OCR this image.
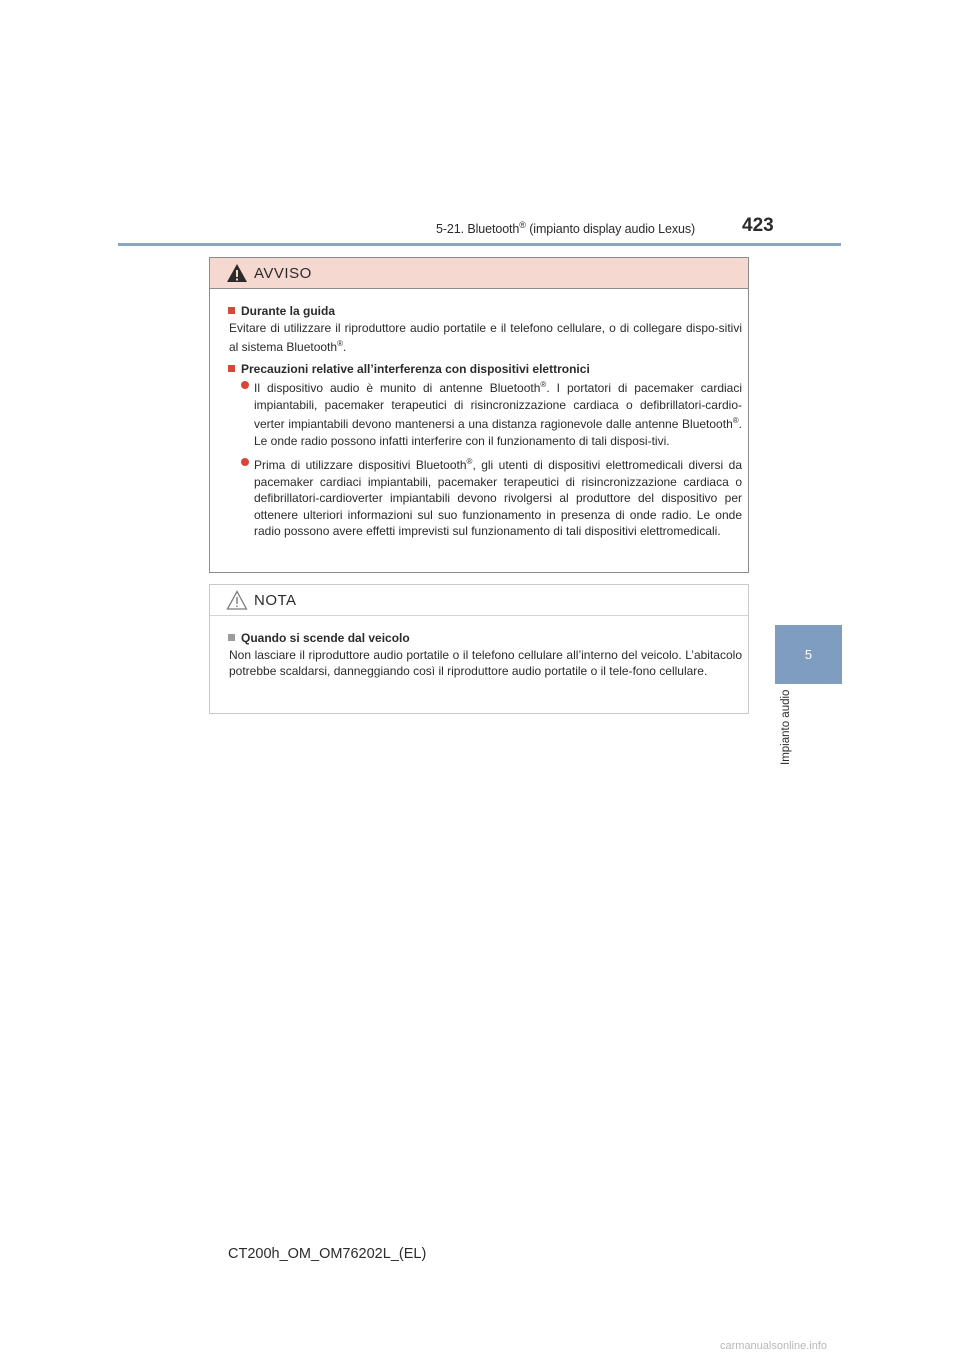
5-21. Bluetooth® (impianto display audio Lexus) 423
5
Impianto audio
AVVISO
Durante la guida
Evitare di utilizzare il riproduttore audio portatile e il telefono cellulare, o di collegare dispo-sitivi al sistema Bluetooth®.
Precauzioni relative all’interferenza con dispositivi elettronici
Il dispositivo audio è munito di antenne Bluetooth®. I portatori di pacemaker cardiaci impiantabili, pacemaker terapeutici di risincronizzazione cardiaca o defibrillatori-cardio-verter impiantabili devono mantenersi a una distanza ragionevole dalle antenne Bluetooth®. Le onde radio possono infatti interferire con il funzionamento di tali disposi-tivi.
Prima di utilizzare dispositivi Bluetooth®, gli utenti di dispositivi elettromedicali diversi da pacemaker cardiaci impiantabili, pacemaker terapeutici di risincronizzazione cardiaca o defibrillatori-cardioverter impiantabili devono rivolgersi al produttore del dispositivo per ottenere ulteriori informazioni sul suo funzionamento in presenza di onde radio. Le onde radio possono avere effetti imprevisti sul funzionamento di tali dispositivi elettromedicali.
NOTA
Quando si scende dal veicolo
Non lasciare il riproduttore audio portatile o il telefono cellulare all’interno del veicolo. L’abitacolo potrebbe scaldarsi, danneggiando così il riproduttore audio portatile o il tele-fono cellulare.
CT200h_OM_OM76202L_(EL)
carmanualsonline.info
